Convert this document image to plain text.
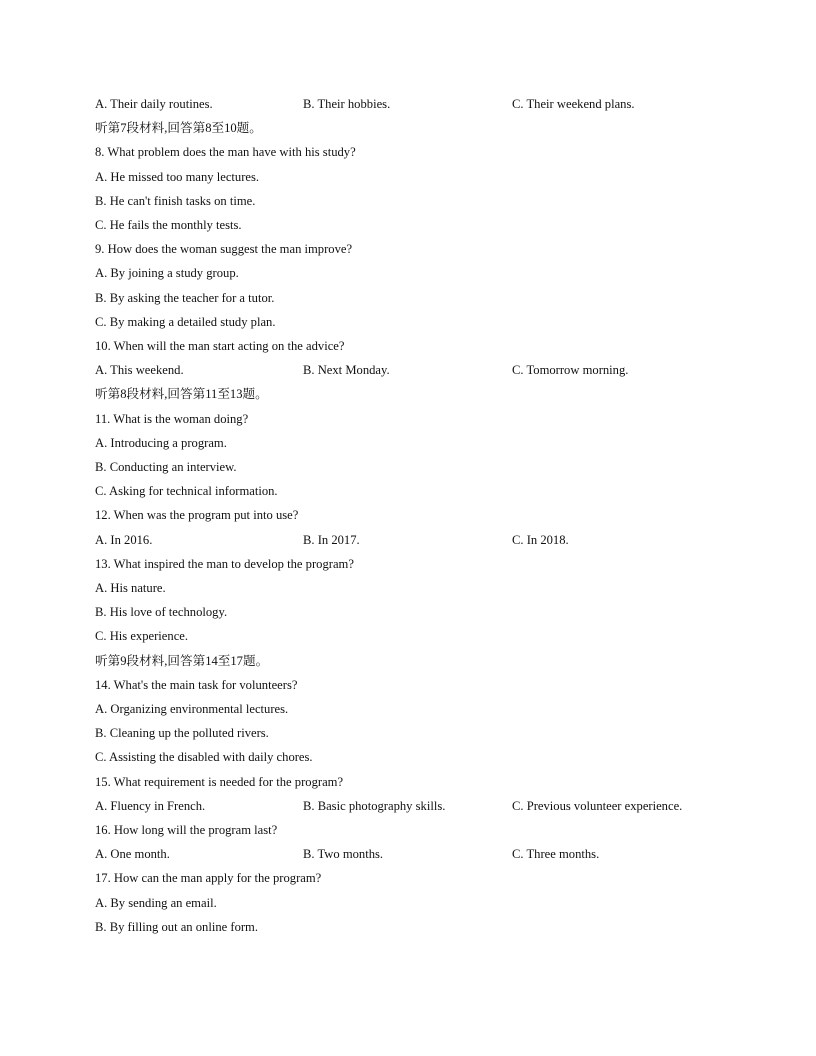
A. Their daily routines.	B. Their hobbies.	C. Their weekend plans.
听第7段材料,回答第8至10题。
8. What problem does the man have with his study?
A. He missed too many lectures.
B. He can't finish tasks on time.
C. He fails the monthly tests.
9. How does the woman suggest the man improve?
A. By joining a study group.
B. By asking the teacher for a tutor.
C. By making a detailed study plan.
10. When will the man start acting on the advice?
A. This weekend.	B. Next Monday.	C. Tomorrow morning.
听第8段材料,回答第11至13题。
11. What is the woman doing?
A. Introducing a program.
B. Conducting an interview.
C. Asking for technical information.
12. When was the program put into use?
A. In 2016.	B. In 2017.	C. In 2018.
13. What inspired the man to develop the program?
A. His nature.
B. His love of technology.
C. His experience.
听第9段材料,回答第14至17题。
14. What's the main task for volunteers?
A. Organizing environmental lectures.
B. Cleaning up the polluted rivers.
C. Assisting the disabled with daily chores.
15. What requirement is needed for the program?
A. Fluency in French.	B. Basic photography skills.	C. Previous volunteer experience.
16. How long will the program last?
A. One month.	B. Two months.	C. Three months.
17. How can the man apply for the program?
A. By sending an email.
B. By filling out an online form.
